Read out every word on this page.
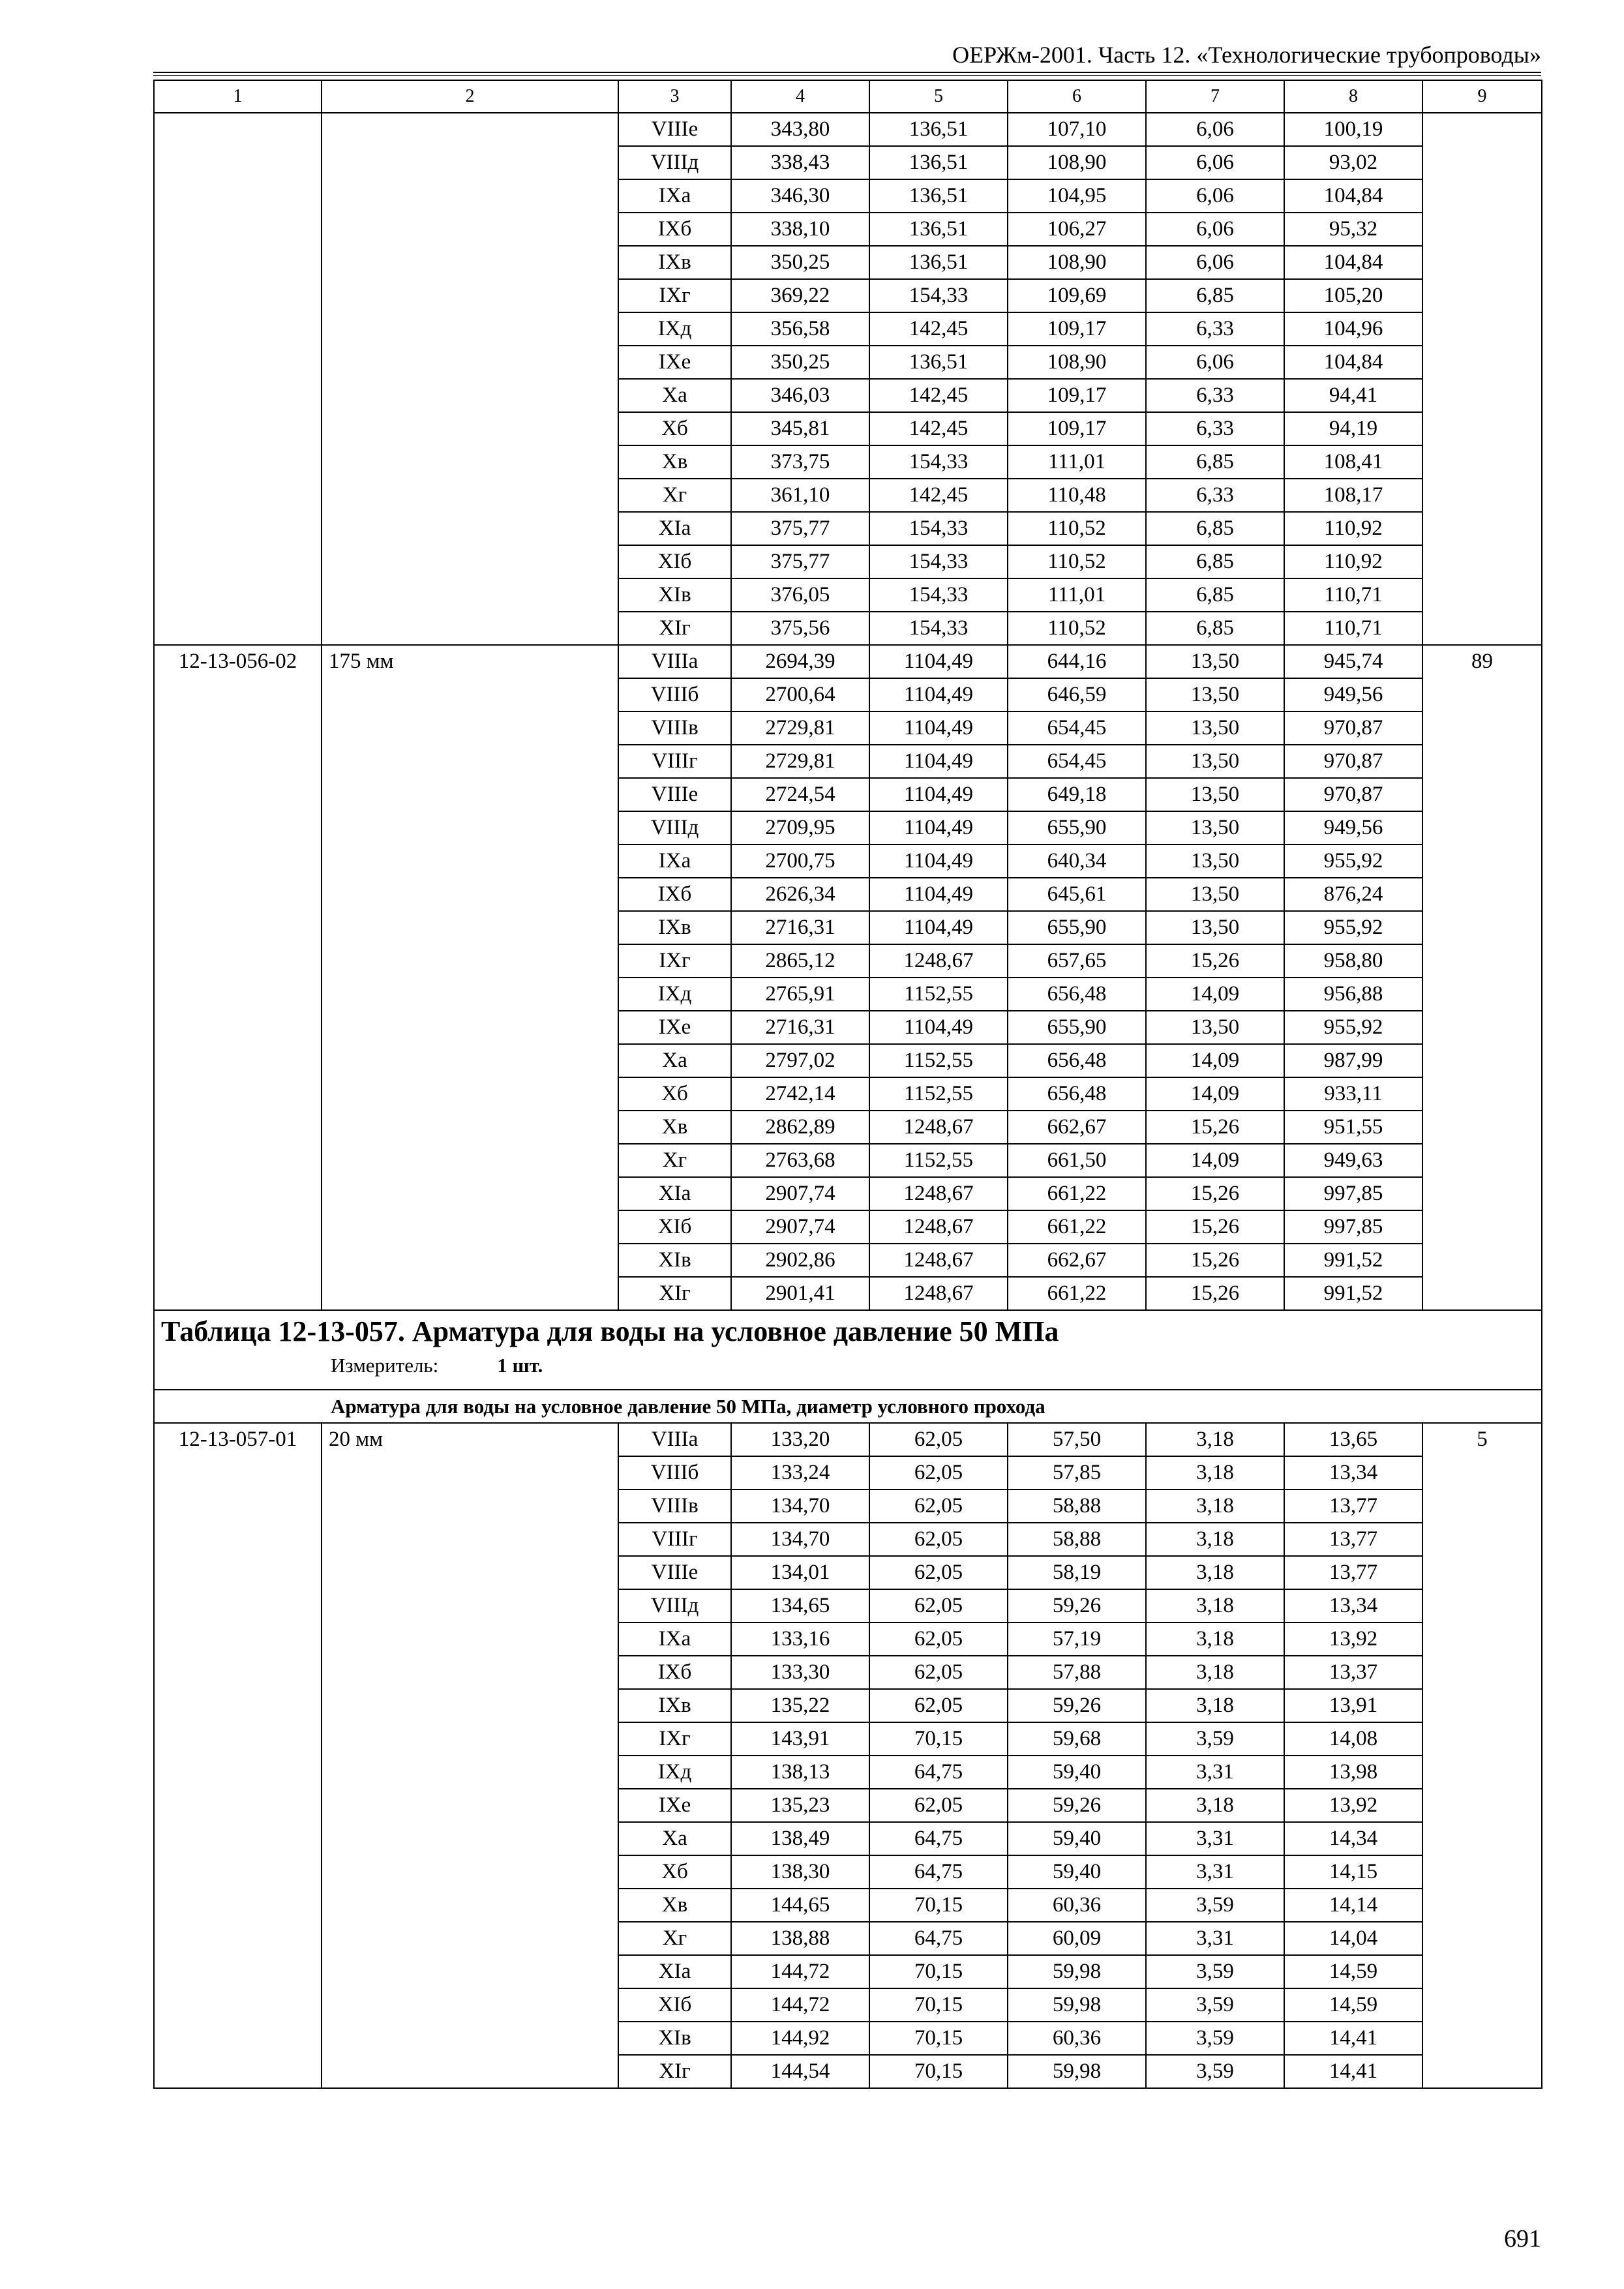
ОЕРЖм-2001. Часть 12. «Технологические трубопроводы»
1	2	3	4	5	6	7	8	9
		VIIIe	343,80	136,51	107,10	6,06	100,19	
		VIIIд	338,43	136,51	108,90	6,06	93,02	
		IXa	346,30	136,51	104,95	6,06	104,84	
		IXб	338,10	136,51	106,27	6,06	95,32	
		IXв	350,25	136,51	108,90	6,06	104,84	
		IXг	369,22	154,33	109,69	6,85	105,20	
		IXд	356,58	142,45	109,17	6,33	104,96	
		IXe	350,25	136,51	108,90	6,06	104,84	
		Xa	346,03	142,45	109,17	6,33	94,41	
		Xб	345,81	142,45	109,17	6,33	94,19	
		Xв	373,75	154,33	111,01	6,85	108,41	
		Xг	361,10	142,45	110,48	6,33	108,17	
		XIa	375,77	154,33	110,52	6,85	110,92	
		XIб	375,77	154,33	110,52	6,85	110,92	
		XIв	376,05	154,33	111,01	6,85	110,71	
		XIг	375,56	154,33	110,52	6,85	110,71	
12-13-056-02	175 мм	VIIIa	2694,39	1104,49	644,16	13,50	945,74	89
		VIIIб	2700,64	1104,49	646,59	13,50	949,56	
		VIIIв	2729,81	1104,49	654,45	13,50	970,87	
		VIIIг	2729,81	1104,49	654,45	13,50	970,87	
		VIIIe	2724,54	1104,49	649,18	13,50	970,87	
		VIIIд	2709,95	1104,49	655,90	13,50	949,56	
		IXa	2700,75	1104,49	640,34	13,50	955,92	
		IXб	2626,34	1104,49	645,61	13,50	876,24	
		IXв	2716,31	1104,49	655,90	13,50	955,92	
		IXг	2865,12	1248,67	657,65	15,26	958,80	
		IXд	2765,91	1152,55	656,48	14,09	956,88	
		IXe	2716,31	1104,49	655,90	13,50	955,92	
		Xa	2797,02	1152,55	656,48	14,09	987,99	
		Xб	2742,14	1152,55	656,48	14,09	933,11	
		Xв	2862,89	1248,67	662,67	15,26	951,55	
		Xг	2763,68	1152,55	661,50	14,09	949,63	
		XIa	2907,74	1248,67	661,22	15,26	997,85	
		XIб	2907,74	1248,67	661,22	15,26	997,85	
		XIв	2902,86	1248,67	662,67	15,26	991,52	
		XIг	2901,41	1248,67	661,22	15,26	991,52	

Таблица 12-13-057. Арматура для воды на условное давление 50 МПа
Измеритель: 1 шт.								

Арматура для воды на условное давление 50 МПа, диаметр условного прохода								
12-13-057-01	20 мм	VIIIa	133,20	62,05	57,50	3,18	13,65	5
		VIIIб	133,24	62,05	57,85	3,18	13,34	
		VIIIв	134,70	62,05	58,88	3,18	13,77	
		VIIIг	134,70	62,05	58,88	3,18	13,77	
		VIIIe	134,01	62,05	58,19	3,18	13,77	
		VIIIд	134,65	62,05	59,26	3,18	13,34	
		IXa	133,16	62,05	57,19	3,18	13,92	
		IXб	133,30	62,05	57,88	3,18	13,37	
		IXв	135,22	62,05	59,26	3,18	13,91	
		IXг	143,91	70,15	59,68	3,59	14,08	
		IXд	138,13	64,75	59,40	3,31	13,98	
		IXe	135,23	62,05	59,26	3,18	13,92	
		Xa	138,49	64,75	59,40	3,31	14,34	
		Xб	138,30	64,75	59,40	3,31	14,15	
		Xв	144,65	70,15	60,36	3,59	14,14	
		Xг	138,88	64,75	60,09	3,31	14,04	
		XIa	144,72	70,15	59,98	3,59	14,59	
		XIб	144,72	70,15	59,98	3,59	14,59	
		XIв	144,92	70,15	60,36	3,59	14,41	
		XIг	144,54	70,15	59,98	3,59	14,41	
691
